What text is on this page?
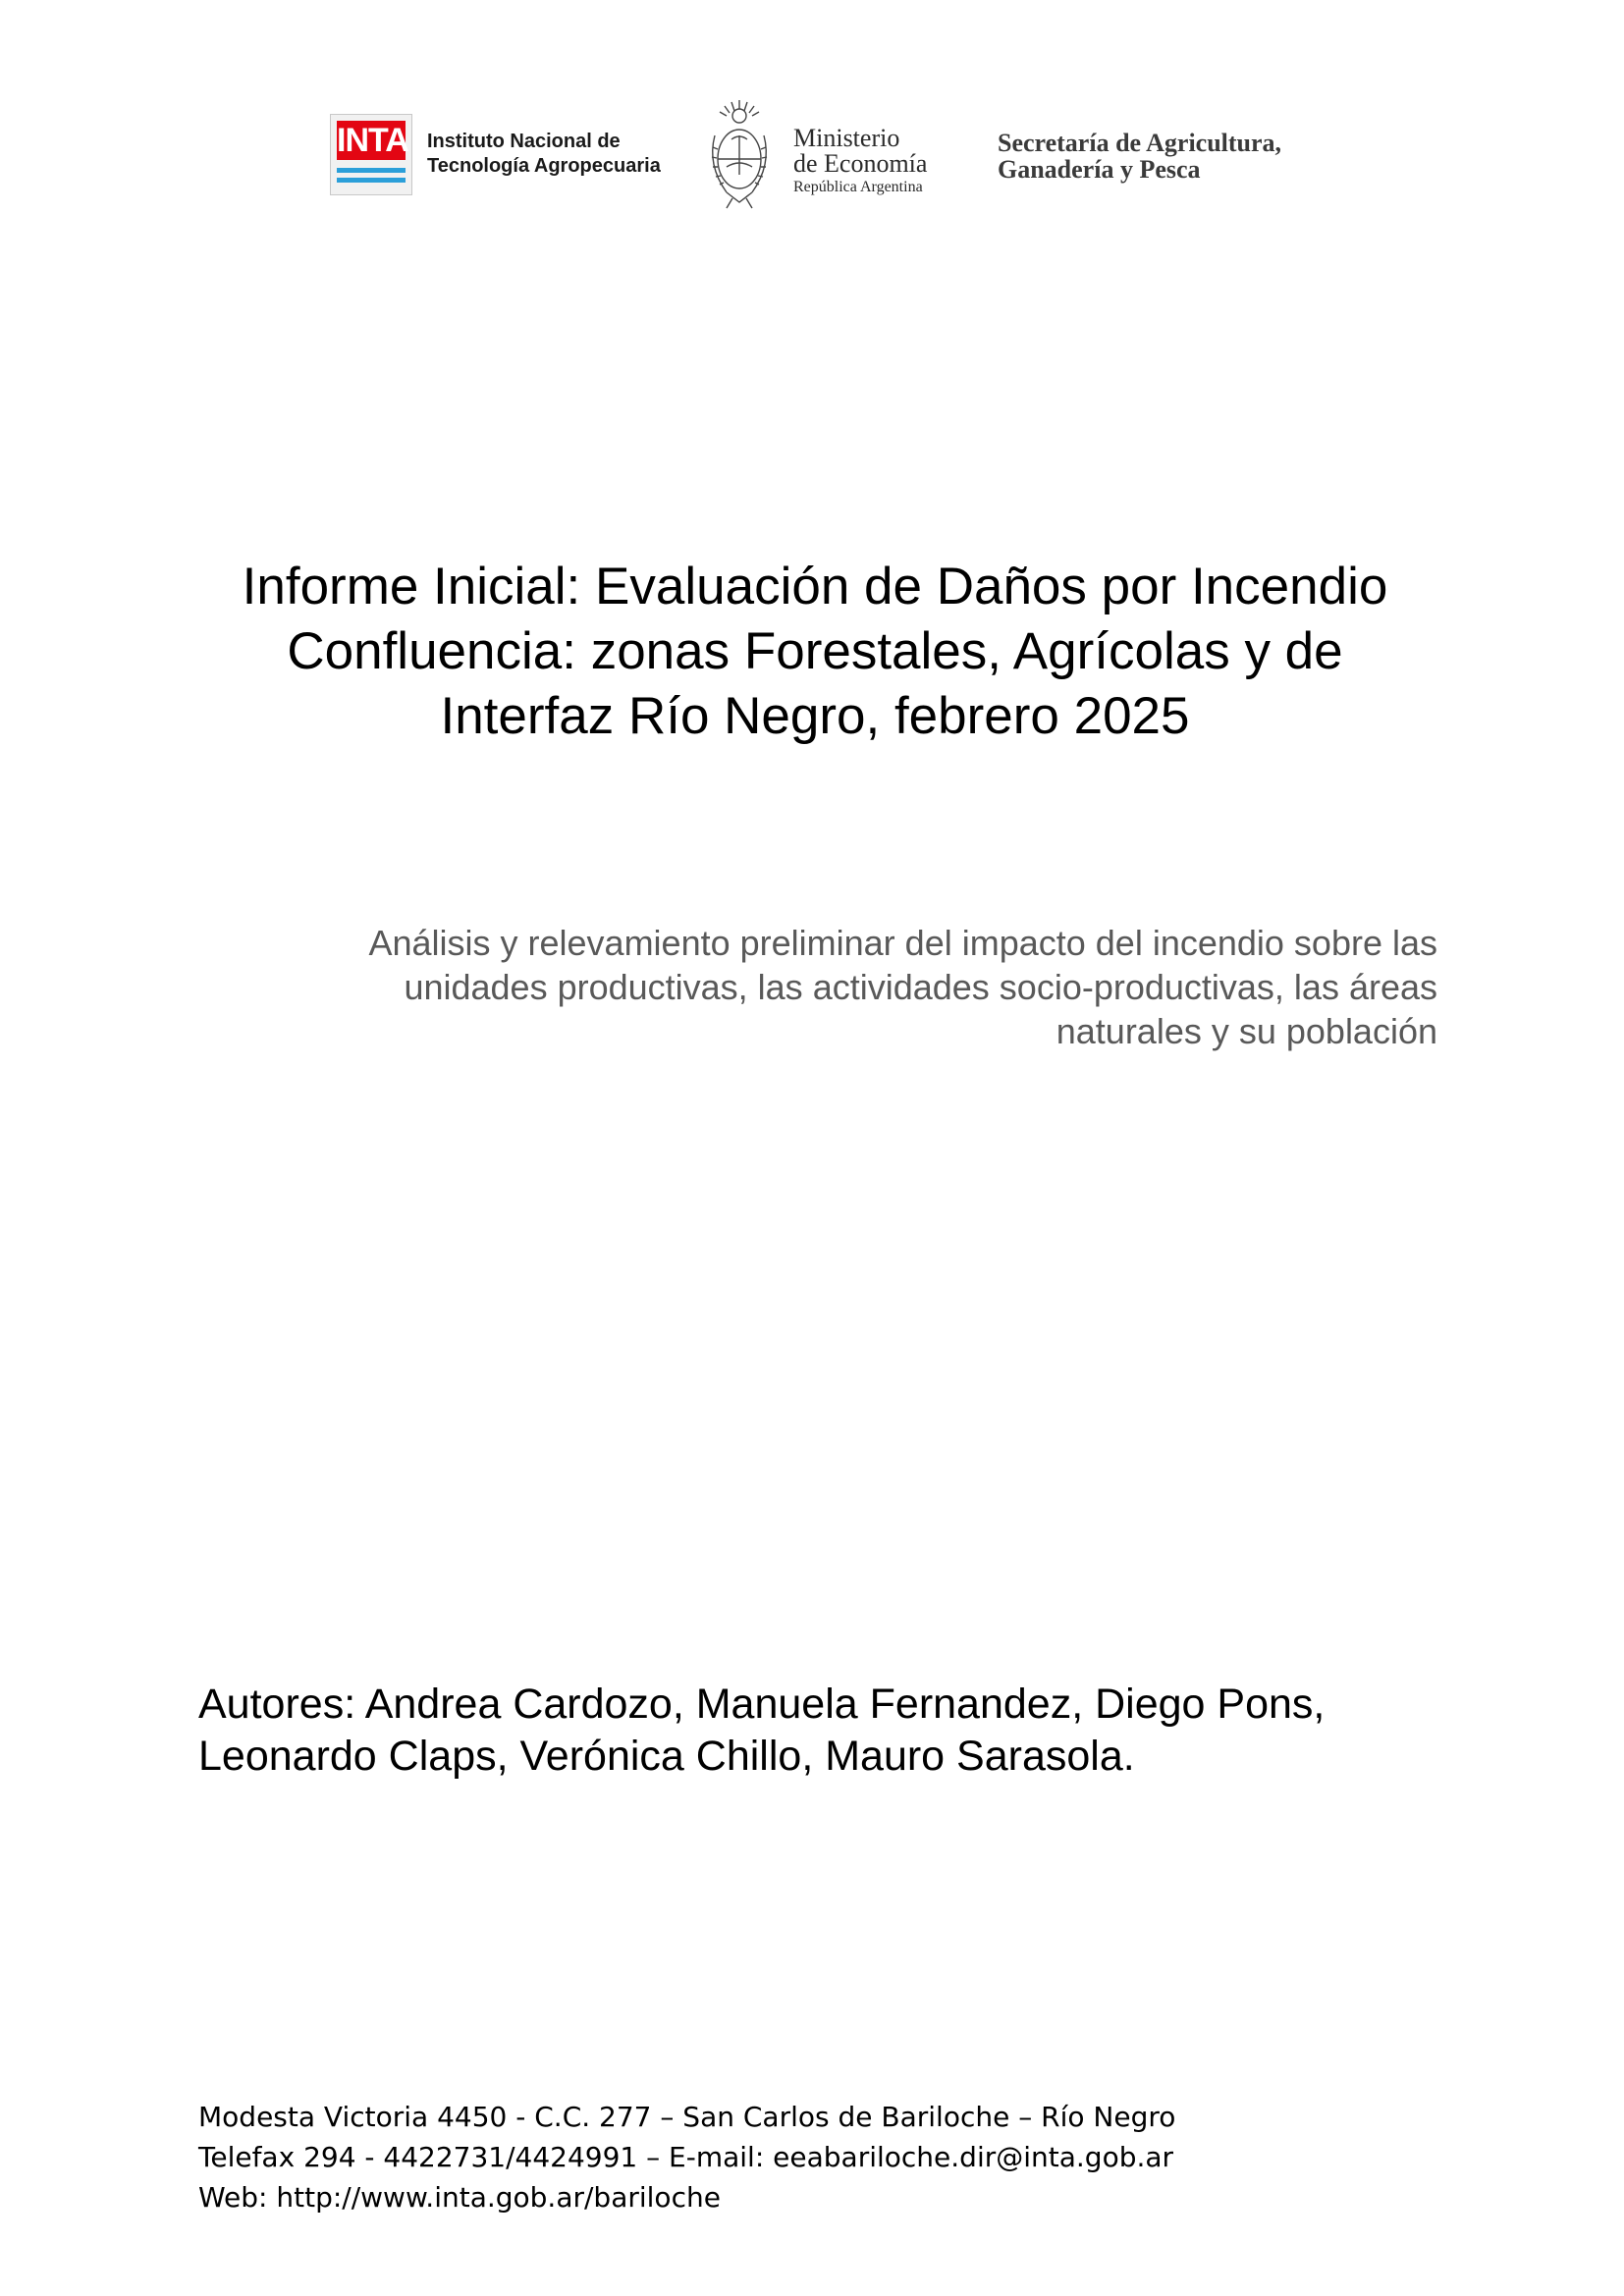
INTA Instituto Nacional de
Tecnología Agropecuaria
Ministerio
de Economía
República Argentina
Secretaría de Agricultura,
Ganadería y Pesca
Informe Inicial: Evaluación de Daños por Incendio
Confluencia: zonas Forestales, Agrícolas y de
Interfaz Río Negro, febrero 2025
Análisis y relevamiento preliminar del impacto del incendio sobre las
unidades productivas, las actividades socio-productivas, las áreas
naturales y su población
Autores: Andrea Cardozo, Manuela Fernandez, Diego Pons,
Leonardo Claps, Verónica Chillo, Mauro Sarasola.
Modesta Victoria 4450 - C.C. 277 – San Carlos de Bariloche – Río Negro
Telefax 294 - 4422731/4424991 – E-mail: eeabariloche.dir@inta.gob.ar
Web: http://www.inta.gob.ar/bariloche
